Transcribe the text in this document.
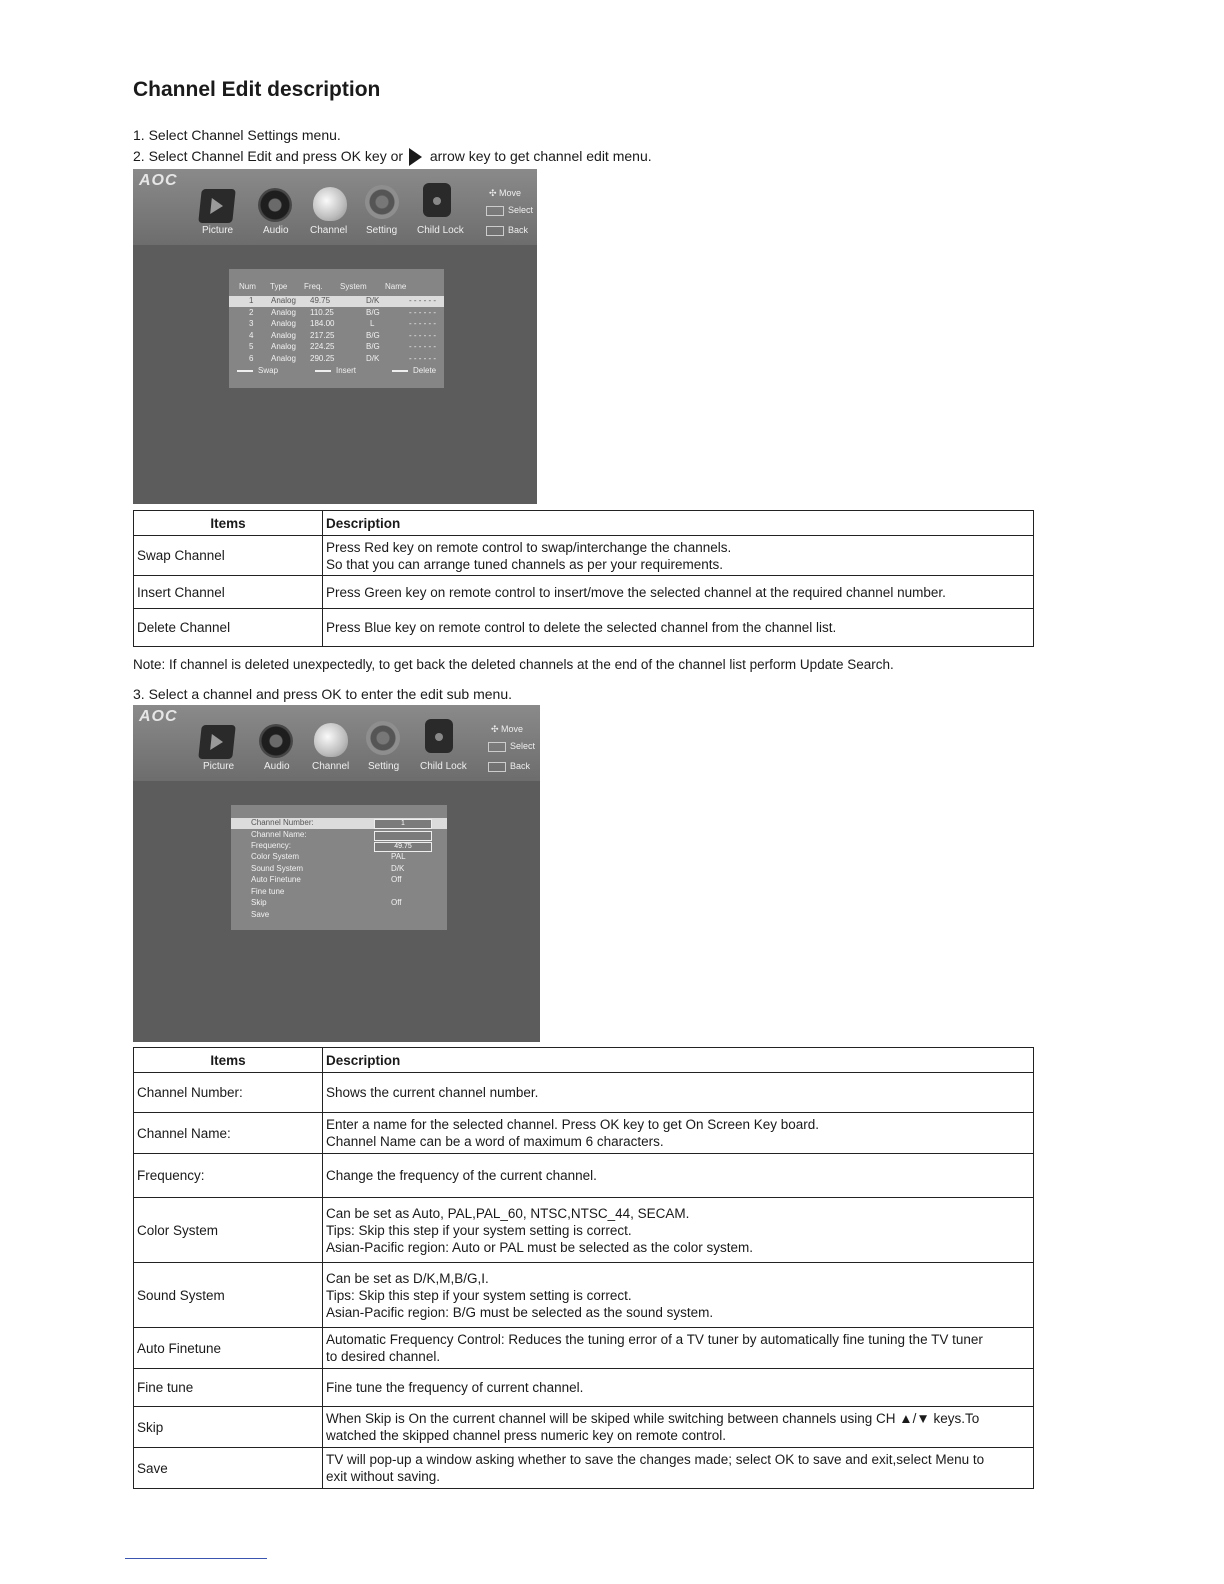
Channel Edit description
1. Select Channel Settings menu.
2. Select Channel Edit and press OK key or arrow key to get channel edit menu.
AOC
Picture	Audio Channel Setting Child Lock
✣ Move
Select
Back
Num Type Freq. System Name
1 Analog 49.75	D/K	- - - - - -
2 Analog 110.25	B/G	- - - - - -
3 Analog 184.00	L	- - - - - -
4 Analog 217.25	B/G	- - - - - -
5 Analog 224.25	B/G	- - - - - -
6 Analog 290.25	D/K	- - - - - -
Swap	Insert	Delete
Items	Description
Swap Channel	Press Red key on remote control to swap/interchange the channels.
So that you can arrange tuned channels as per your requirements.

Insert Channel	Press Green key on remote control to insert/move the selected channel at the required channel number.
Delete Channel	Press Blue key on remote control to delete the selected channel from the channel list.
Note: If channel is deleted unexpectedly, to get back the deleted channels at the end of the channel list perform Update Search.
3. Select a channel and press OK to enter the edit sub menu.
AOC
Picture	Audio Channel Setting Child Lock
✣ Move
Select
Back
Channel Number:	1
Channel Name:
Frequency:	49.75
Color System	PAL
Sound System	D/K
Auto Finetune	Off
Fine tune
Skip	Off
Save
Items	Description
Channel Number:	Shows the current channel number.
Channel Name:	Enter a name for the selected channel. Press OK key to get On Screen Key board.
Channel Name can be a word of maximum 6 characters.

Frequency:	Change the frequency of the current channel.
Color System	Can be set as Auto, PAL,PAL_60, NTSC,NTSC_44, SECAM.
Tips: Skip this step if your system setting is correct.
Asian-Pacific region: Auto or PAL must be selected as the color system.

Sound System	Can be set as D/K,M,B/G,I.
Tips: Skip this step if your system setting is correct.
Asian-Pacific region: B/G must be selected as the sound system.

Auto Finetune	Automatic Frequency Control: Reduces the tuning error of a TV tuner by automatically fine tuning the TV tuner
to desired channel.

Fine tune	Fine tune the frequency of current channel.
Skip	When Skip is On the current channel will be skiped while switching between channels using CH ▲/▼ keys.To
watched the skipped channel press numeric key on remote control.

Save	TV will pop-up a window asking whether to save the changes made; select OK to save and exit,select Menu to
exit without saving.
